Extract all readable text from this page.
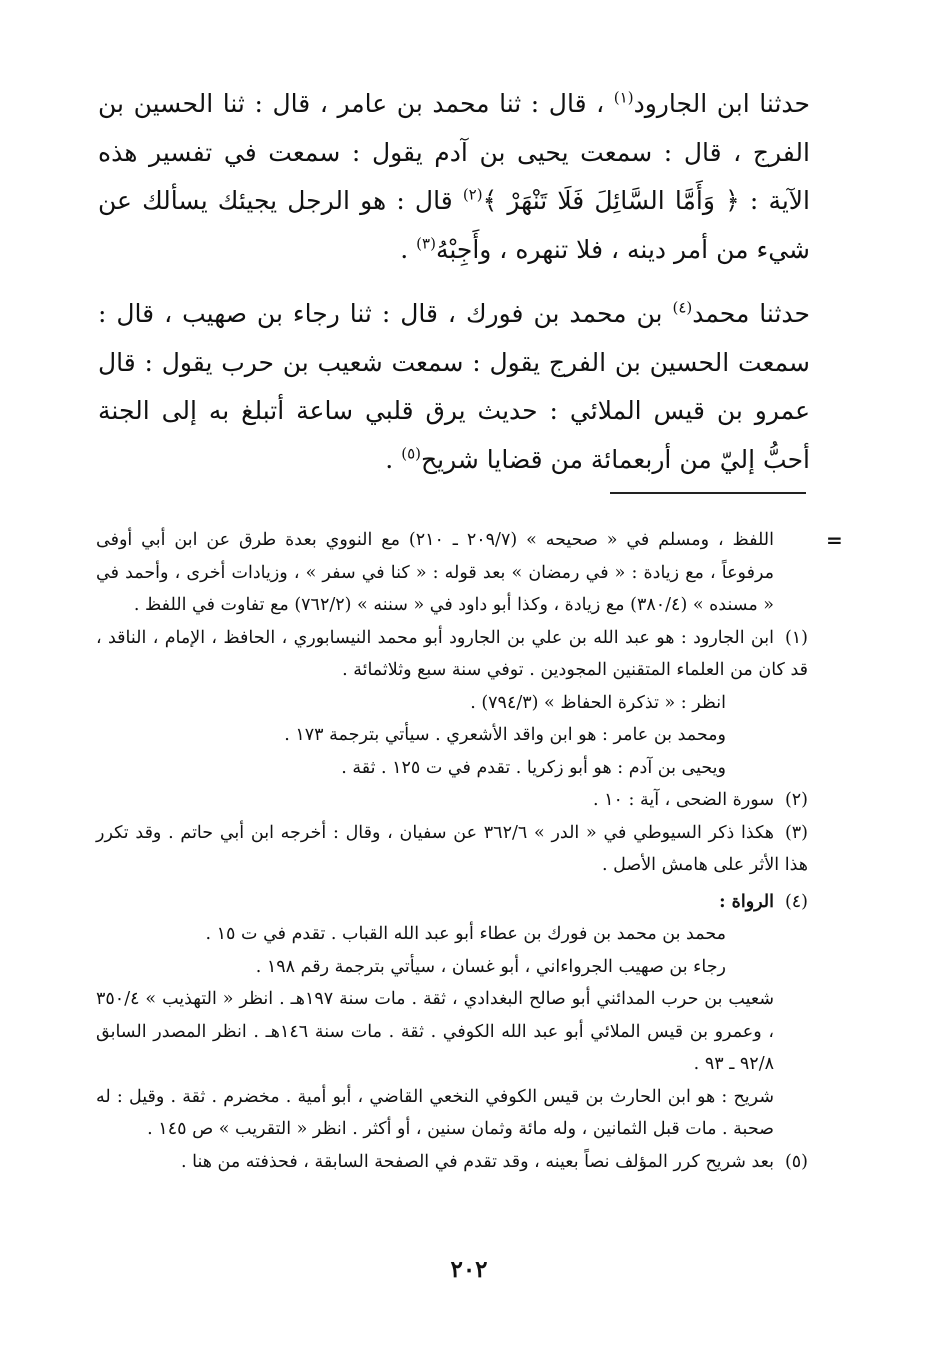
حدثنا ابن الجارود$^{(١)}$ ، قال : ثنا محمد بن عامر ، قال : ثنا الحسين بن الفرج ، قال : سمعت يحيى بن آدم يقول : سمعت في تفسير هذه الآية : ﴿ وَأَمَّا السَّائِلَ فَلَا تَنْهَرْ ﴾$^{(٢)}$ قال : هو الرجل يجيئك يسألك عن شيء من أمر دينه ، فلا تنهره ، وأَجِبْهُ$^{(٣)}$ .

حدثنا محمد$^{(٤)}$ بن محمد بن فورك ، قال : ثنا رجاء بن صهيب ، قال : سمعت الحسين بن الفرج يقول : سمعت شعيب بن حرب يقول : قال عمرو بن قيس الملائي : حديث يرق قلبي ساعة أتبلغ به إلى الجنة أحبُّ إليّ من أربعمائة من قضايا شريح$^{(٥)}$ .

=

اللفظ ، ومسلم في « صحيحه » (٢٠٩/٧ ـ ٢١٠) مع النووي بعدة طرق عن ابن أبي أوفى مرفوعاً ، مع زيادة : « في رمضان » بعد قوله : « كنا في سفر » ، وزيادات أخرى ، وأحمد في « مسنده » (٣٨٠/٤) مع زيادة ، وكذا أبو داود في « سننه » (٧٦٢/٢) مع تفاوت في اللفظ .

(١)ابن الجارود : هو عبد الله بن علي بن الجارود أبو محمد النيسابوري ، الحافظ ، الإمام ، الناقد ، قد كان من العلماء المتقنين المجودين . توفي سنة سبع وثلاثمائة .

انظر : « تذكرة الحفاظ » (٧٩٤/٣) .

ومحمد بن عامر : هو ابن واقد الأشعري . سيأتي بترجمة ١٧٣ .

ويحيى بن آدم : هو أبو زكريا . تقدم في ت ١٢٥ . ثقة .

(٢)سورة الضحى ، آية : ١٠ .

(٣)هكذا ذكر السيوطي في « الدر » ٣٦٢/٦ عن سفيان ، وقال : أخرجه ابن أبي حاتم . وقد تكرر هذا الأثر على هامش الأصل .

(٤)الرواة :

محمد بن محمد بن فورك بن عطاء أبو عبد الله القباب . تقدم في ت ١٥ .

رجاء بن صهيب الجرواءاني ، أبو غسان ، سيأتي بترجمة رقم ١٩٨ .

شعيب بن حرب المدائني أبو صالح البغدادي ، ثقة . مات سنة ١٩٧هـ . انظر « التهذيب » ٣٥٠/٤ ، وعمرو بن قيس الملائي أبو عبد الله الكوفي . ثقة . مات سنة ١٤٦هـ . انظر المصدر السابق ٩٢/٨ ـ ٩٣ .

شريح : هو ابن الحارث بن قيس الكوفي النخعي القاضي ، أبو أمية . مخضرم . ثقة . وقيل : له صحبة . مات قبل الثمانين ، وله مائة وثمان سنين ، أو أكثر . انظر « التقريب » ص ١٤٥ .

(٥)بعد شريح كرر المؤلف نصاً بعينه ، وقد تقدم في الصفحة السابقة ، فحذفته من هنا .

٢٠٢
